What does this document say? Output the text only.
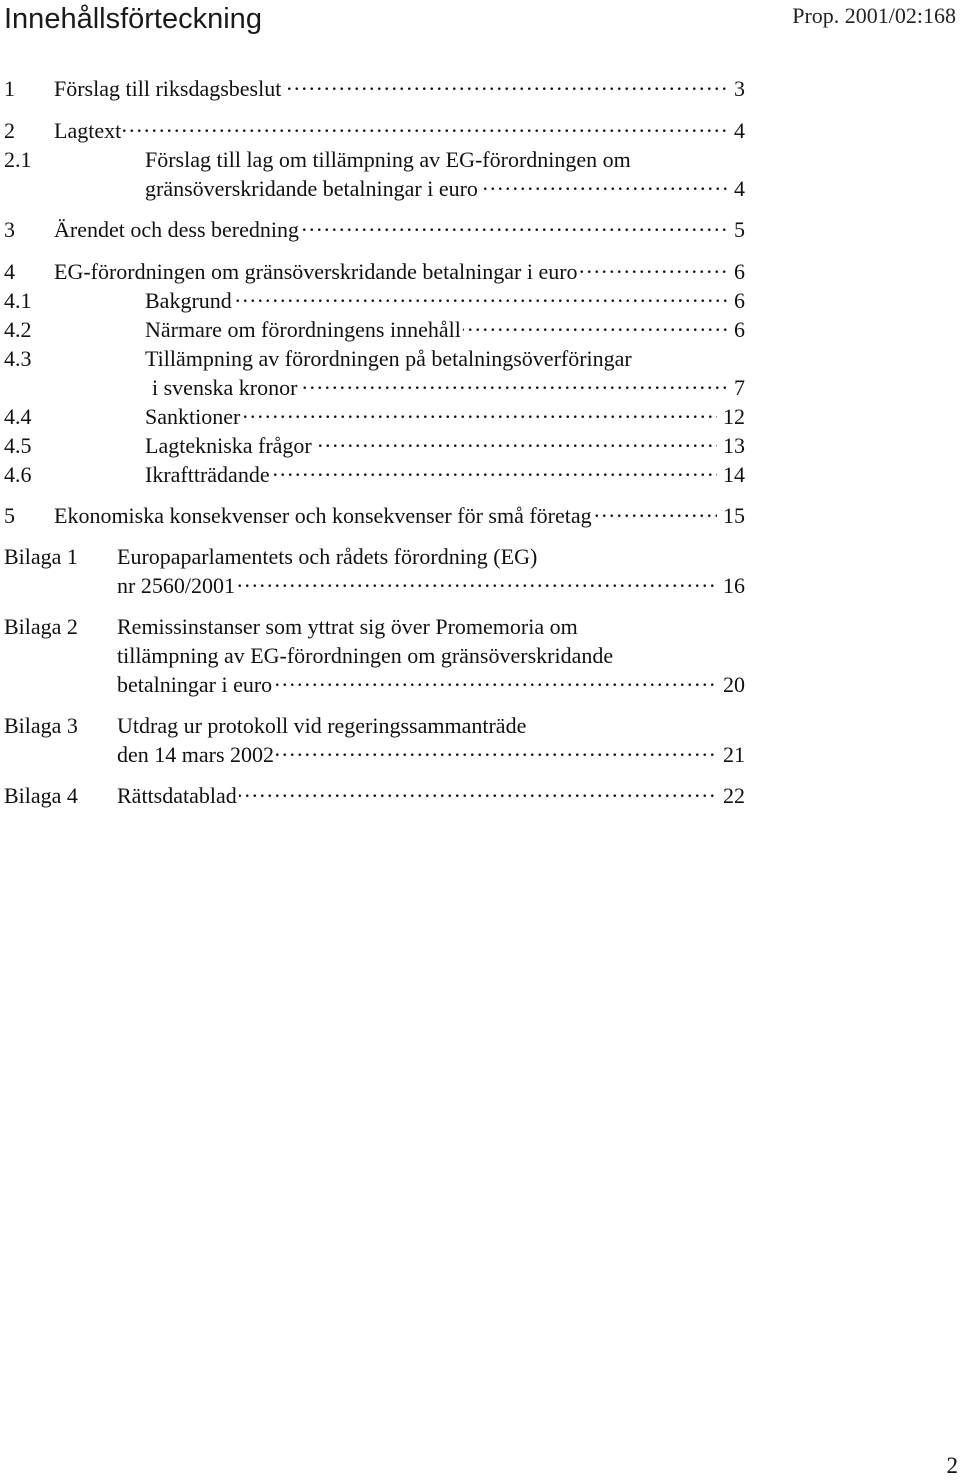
Innehållsförteckning	Prop. 2001/02:168
1 ..... Förslag till riksdagsbeslut	3
2 ..... Lagtext	4
2.1	Förslag till lag om tillämpning av EG-förordningen om
.....
gränsöverskridande betalningar i euro	4
3 ..... Ärendet och dess beredning	5
4 ..... EG-förordningen om gränsöverskridande betalningar i euro	6
4.1 .....	Bakgrund	6
4.2 .....	Närmare om förordningens innehåll	6
4.3	Tillämpning av förordningen på betalningsöverföringar
.....
i svenska kronor	7
4.4 .....	Sanktioner	12
4.5 .....	Lagtekniska frågor	13
4.6 .....	Ikraftträdande	14
5 ..... Ekonomiska konsekvenser och konsekvenser för små företag	15
Bilaga 1 Europaparlamentets och rådets förordning (EG)
.....
nr 2560/2001	16
Bilaga 2 Remissinstanser som yttrat sig över Promemoria om
tillämpning av EG-förordningen om gränsöverskridande
.....
betalningar i euro	20
Bilaga 3 Utdrag ur protokoll vid regeringssammanträde
.....
den 14 mars 2002	21
Bilaga 4 ..... Rättsdatablad	22
2
